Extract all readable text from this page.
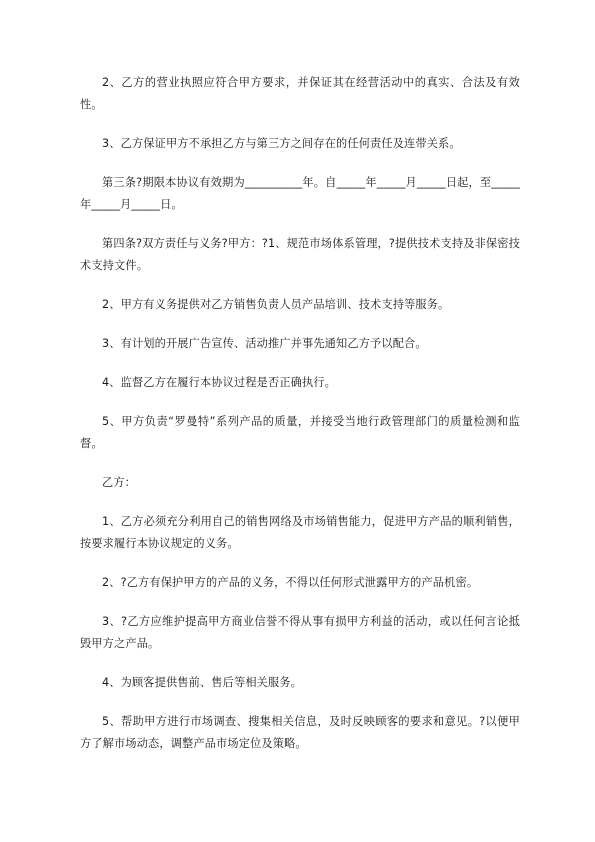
2、乙方的营业执照应符合甲方要求，并保证其在经营活动中的真实、合法及有效性。

3、乙方保证甲方不承担乙方与第三方之间存在的任何责任及连带关系。

第三条?期限本协议有效期为__________年。自_____年_____月_____日起，至_____年_____月_____日。

第四条?双方责任与义务?甲方：?1、规范市场体系管理，?提供技术支持及非保密技术支持文件。

2、甲方有义务提供对乙方销售负责人员产品培训、技术支持等服务。

3、有计划的开展广告宣传、活动推广并事先通知乙方予以配合。

4、监督乙方在履行本协议过程是否正确执行。

5、甲方负责“罗曼特”系列产品的质量，并接受当地行政管理部门的质量检测和监督。

乙方：

1、乙方必须充分利用自己的销售网络及市场销售能力，促进甲方产品的顺利销售，按要求履行本协议规定的义务。

2、?乙方有保护甲方的产品的义务，不得以任何形式泄露甲方的产品机密。

3、?乙方应维护提高甲方商业信誉不得从事有损甲方利益的活动，或以任何言论抵毁甲方之产品。

4、为顾客提供售前、售后等相关服务。

5、帮助甲方进行市场调查、搜集相关信息，及时反映顾客的要求和意见。?以便甲方了解市场动态，调整产品市场定位及策略。
